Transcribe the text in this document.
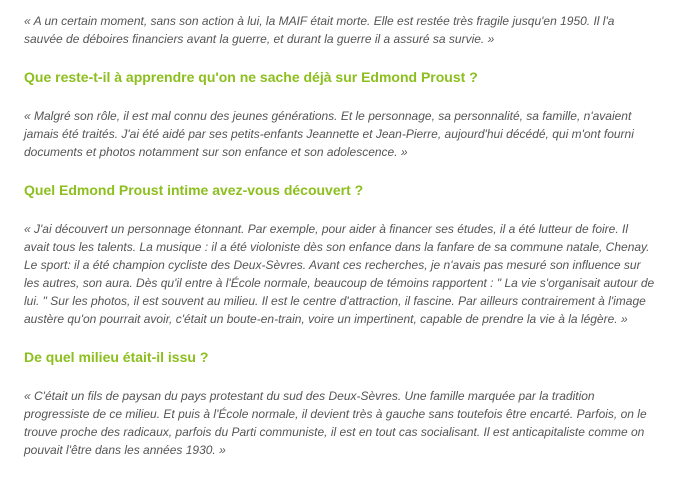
« A un certain moment, sans son action à lui, la MAIF était morte. Elle est restée très fragile jusqu'en 1950. Il l'a sauvée de déboires financiers avant la guerre, et durant la guerre il a assuré sa survie. »

Que reste-t-il à apprendre qu'on ne sache déjà sur Edmond Proust ?

« Malgré son rôle, il est mal connu des jeunes générations. Et le personnage, sa personnalité, sa famille, n'avaient jamais été traités. J'ai été aidé par ses petits-enfants Jeannette et Jean-Pierre, aujourd'hui décédé, qui m'ont fourni documents et photos notamment sur son enfance et son adolescence. »

Quel Edmond Proust intime avez-vous découvert ?

« J'ai découvert un personnage étonnant. Par exemple, pour aider à financer ses études, il a été lutteur de foire. Il avait tous les talents. La musique : il a été violoniste dès son enfance dans la fanfare de sa commune natale, Chenay. Le sport: il a été champion cycliste des Deux-Sèvres. Avant ces recherches, je n'avais pas mesuré son influence sur les autres, son aura. Dès qu'il entre à l'École normale, beaucoup de témoins rapportent : " La vie s'organisait autour de lui. " Sur les photos, il est souvent au milieu. Il est le centre d'attraction, il fascine. Par ailleurs contrairement à l'image austère qu'on pourrait avoir, c'était un boute-en-train, voire un impertinent, capable de prendre la vie à la légère. »

De quel milieu était-il issu ?

« C'était un fils de paysan du pays protestant du sud des Deux-Sèvres. Une famille marquée par la tradition progressiste de ce milieu. Et puis à l'École normale, il devient très à gauche sans toutefois être encarté. Parfois, on le trouve proche des radicaux, parfois du Parti communiste, il est en tout cas socialisant. Il est anticapitaliste comme on pouvait l'être dans les années 1930. »
